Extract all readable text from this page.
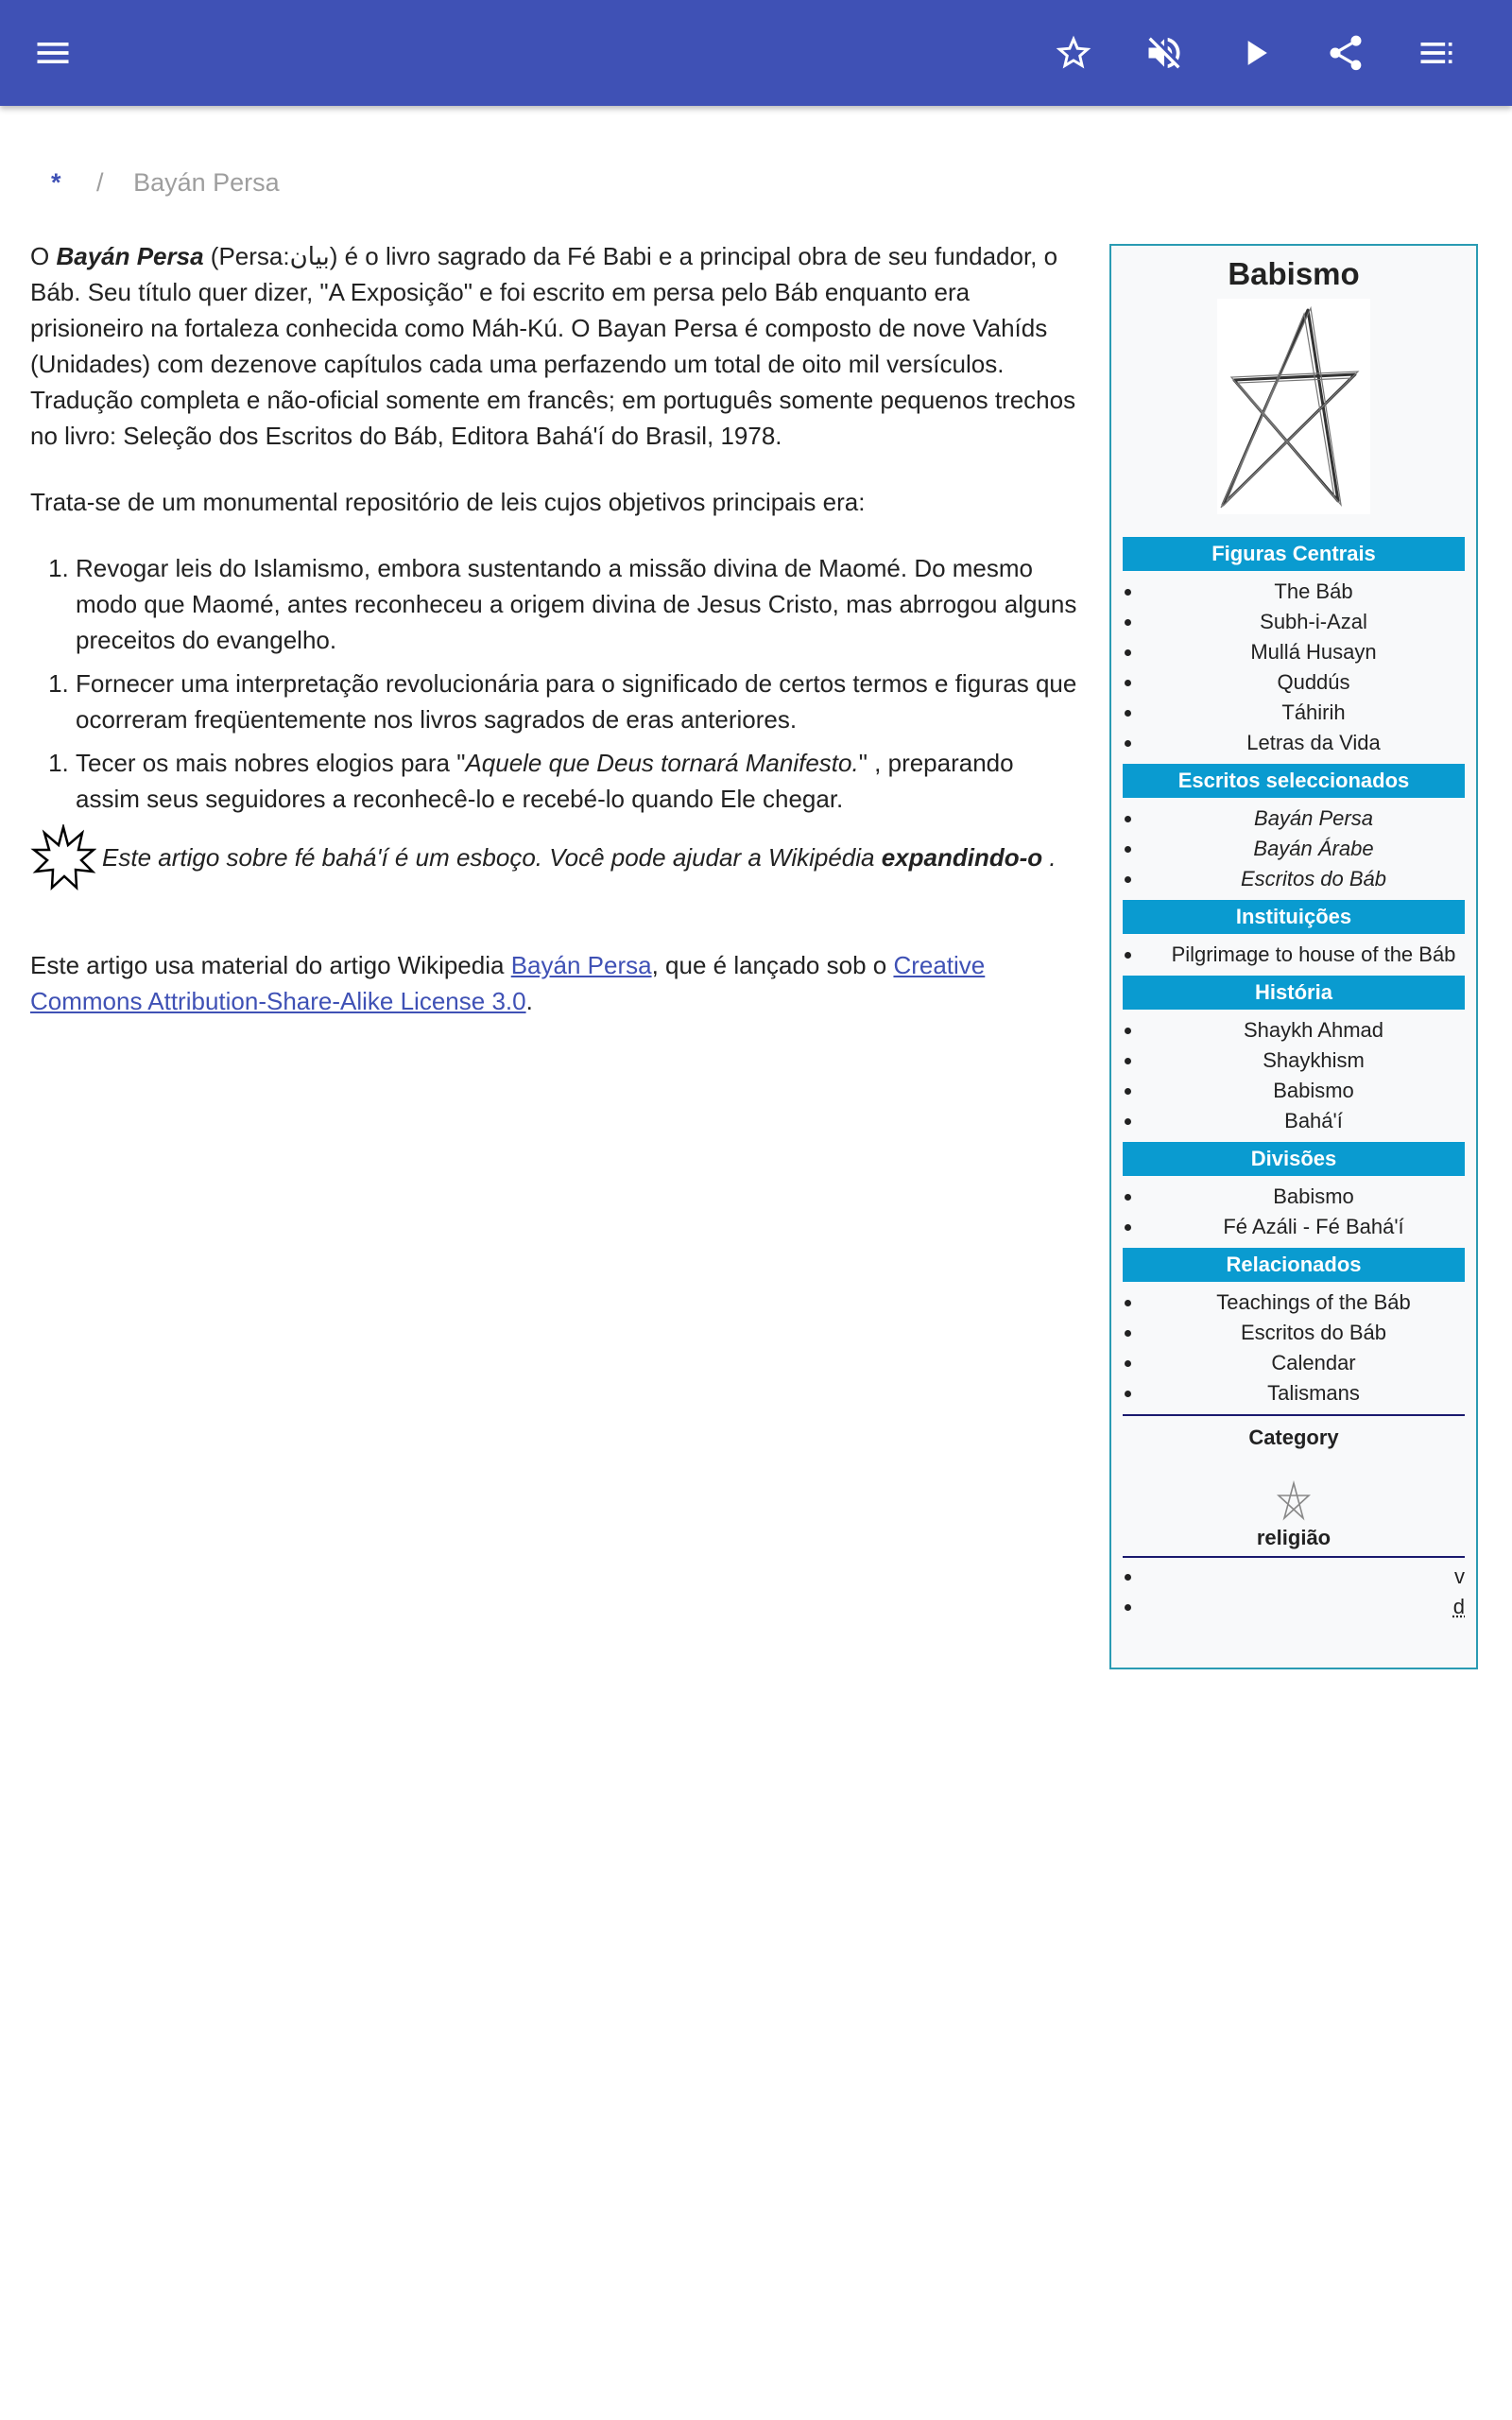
* / Bayán Persa

O Bayán Persa (Persa:بیان) é o livro sagrado da Fé Babi e a principal obra de seu fundador, o Báb. Seu título quer dizer, "A Exposição" e foi escrito em persa pelo Báb enquanto era prisioneiro na fortaleza conhecida como Máh-Kú. O Bayan Persa é composto de nove Vahíds (Unidades) com dezenove capítulos cada uma perfazendo um total de oito mil versículos. Tradução completa e não-oficial somente em francês; em português somente pequenos trechos no livro: Seleção dos Escritos do Báb, Editora Bahá'í do Brasil, 1978.

Trata-se de um monumental repositório de leis cujos objetivos principais era:

1. Revogar leis do Islamismo, embora sustentando a missão divina de Maomé. Do mesmo modo que Maomé, antes reconheceu a origem divina de Jesus Cristo, mas abrrogou alguns preceitos do evangelho.
1. Fornecer uma interpretação revolucionária para o significado de certos termos e figuras que ocorreram freqüentemente nos livros sagrados de eras anteriores.
1. Tecer os mais nobres elogios para "Aquele que Deus tornará Manifesto." , preparando assim seus seguidores a reconhecê-lo e recebé-lo quando Ele chegar.
Este artigo sobre fé bahá'í é um esboço. Você pode ajudar a Wikipédia expandindo-o .

Este artigo usa material do artigo Wikipedia Bayán Persa, que é lançado sob o Creative Commons Attribution-Share-Alike License 3.0.

Babismo
Figuras Centrais
• The Báb
• Subh-i-Azal
• Mullá Husayn
• Quddús
• Táhirih
• Letras da Vida
Escritos seleccionados
• Bayán Persa
• Bayán Árabe
• Escritos do Báb
Instituições
• Pilgrimage to house of the Báb
História
• Shaykh Ahmad
• Shaykhism
• Babismo
• Bahá'í
Divisões
• Babismo
• Fé Azáli - Fé Bahá'í
Relacionados
• Teachings of the Báb
• Escritos do Báb
• Calendar
• Talismans
Category
religião
• v
• d
